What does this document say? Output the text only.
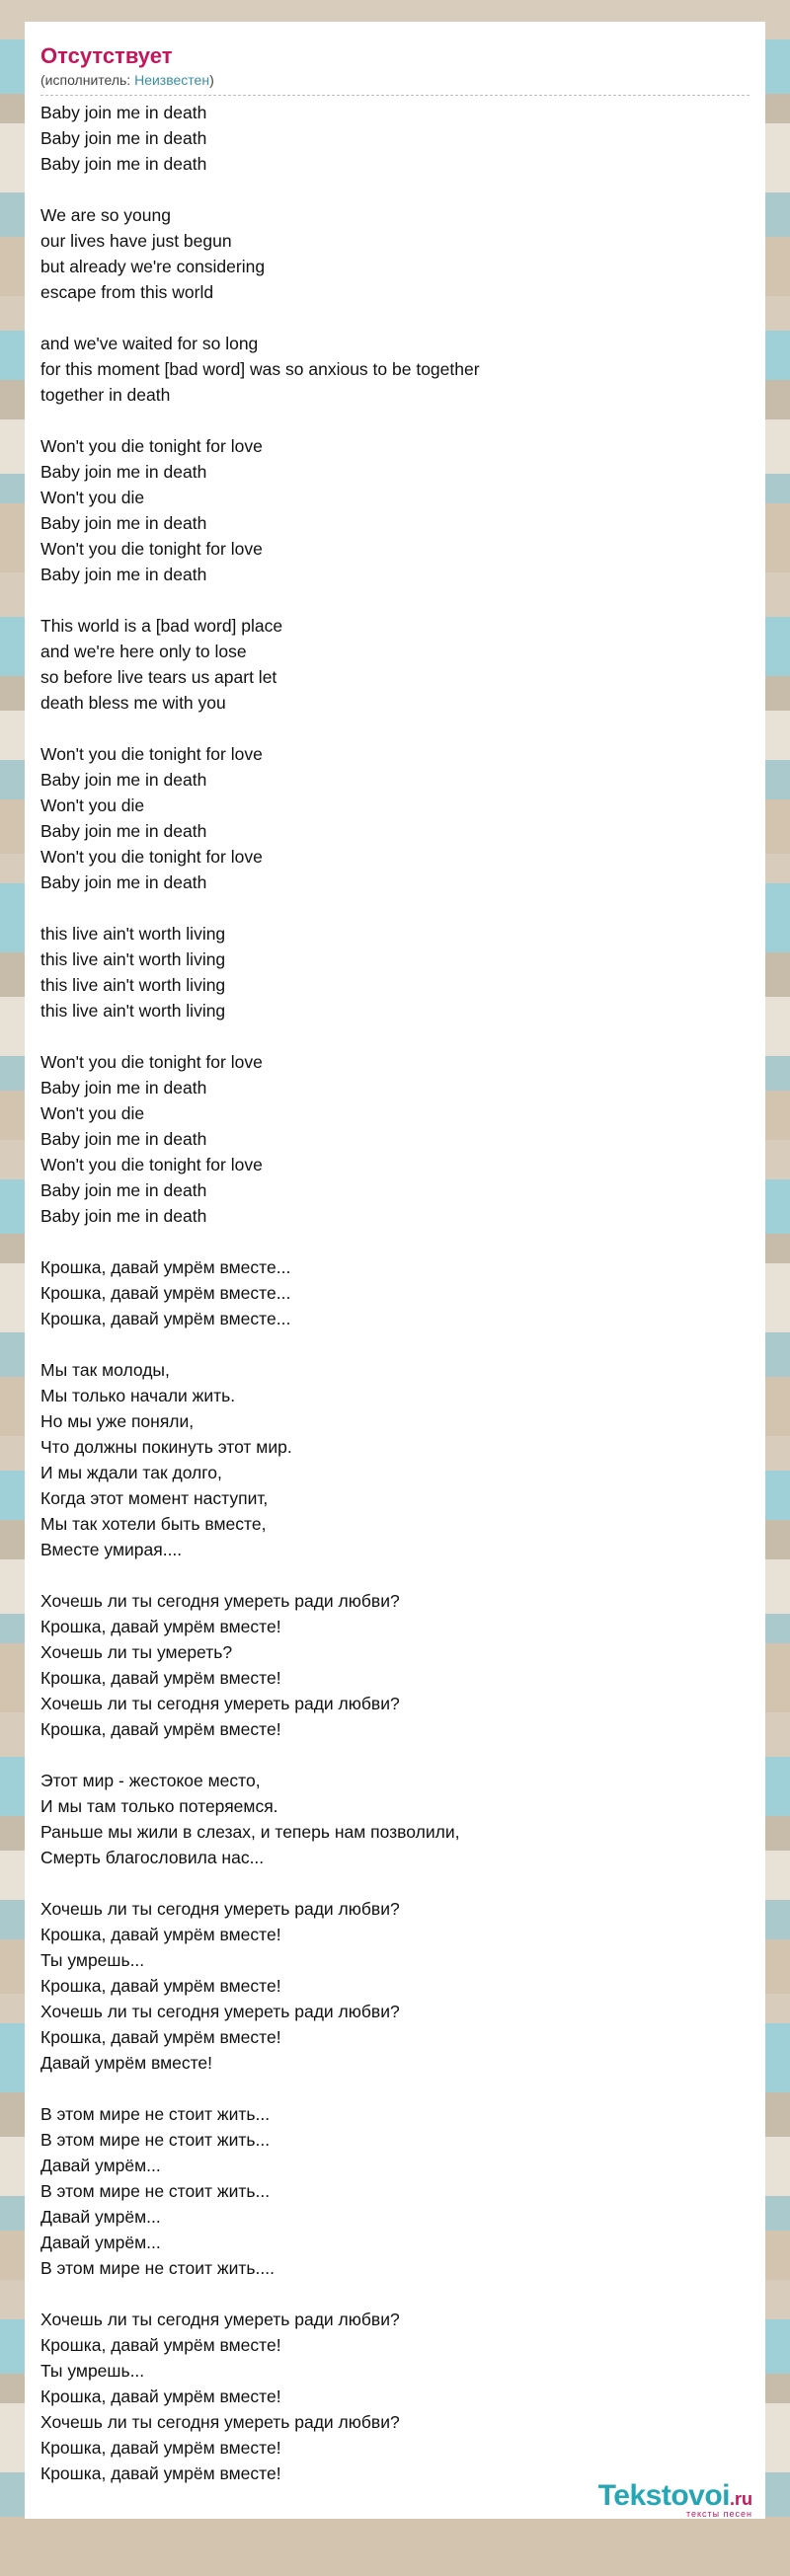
Отсутствует
(исполнитель: Неизвестен)
Baby join me in death
Baby join me in death
Baby join me in death
We are so young
our lives have just begun
but already we're considering
escape from this world
and we've waited for so long
for this moment [bad word] was so anxious to be together
together in death
Won't you die tonight for love
Baby join me in death
Won't you die
Baby join me in death
Won't you die tonight for love
Baby join me in death
This world is a [bad word] place
and we're here only to lose
so before live tears us apart let
death bless me with you
Won't you die tonight for love
Baby join me in death
Won't you die
Baby join me in death
Won't you die tonight for love
Baby join me in death
this live ain't worth living
this live ain't worth living
this live ain't worth living
this live ain't worth living
Won't you die tonight for love
Baby join me in death
Won't you die
Baby join me in death
Won't you die tonight for love
Baby join me in death
Baby join me in death
Крошка, давай умрём вместе...
Крошка, давай умрём вместе...
Крошка, давай умрём вместе...
Мы так молоды,
Мы только начали жить.
Но мы уже поняли,
Что должны покинуть этот мир.
И мы ждали так долго,
Когда этот момент наступит,
Мы так хотели быть вместе,
Вместе умирая....
Хочешь ли ты сегодня умереть ради любви?
Крошка, давай умрём вместе!
Хочешь ли ты умереть?
Крошка, давай умрём вместе!
Хочешь ли ты сегодня умереть ради любви?
Крошка, давай умрём вместе!
Этот мир - жестокое место,
И мы там только потеряемся.
Раньше мы жили в слезах, и теперь нам позволили,
Смерть благословила нас...
Хочешь ли ты сегодня умереть ради любви?
Крошка, давай умрём вместе!
Ты умрешь...
Крошка, давай умрём вместе!
Хочешь ли ты сегодня умереть ради любви?
Крошка, давай умрём вместе!
Давай умрём вместе!
В этом мире не стоит жить...
В этом мире не стоит жить...
Давай умрём...
В этом мире не стоит жить...
Давай умрём...
Давай умрём...
В этом мире не стоит жить....
Хочешь ли ты сегодня умереть ради любви?
Крошка, давай умрём вместе!
Ты умрешь...
Крошка, давай умрём вместе!
Хочешь ли ты сегодня умереть ради любви?
Крошка, давай умрём вместе!
Крошка, давай умрём вместе!
Tekstovoi.ru
тексты песен
